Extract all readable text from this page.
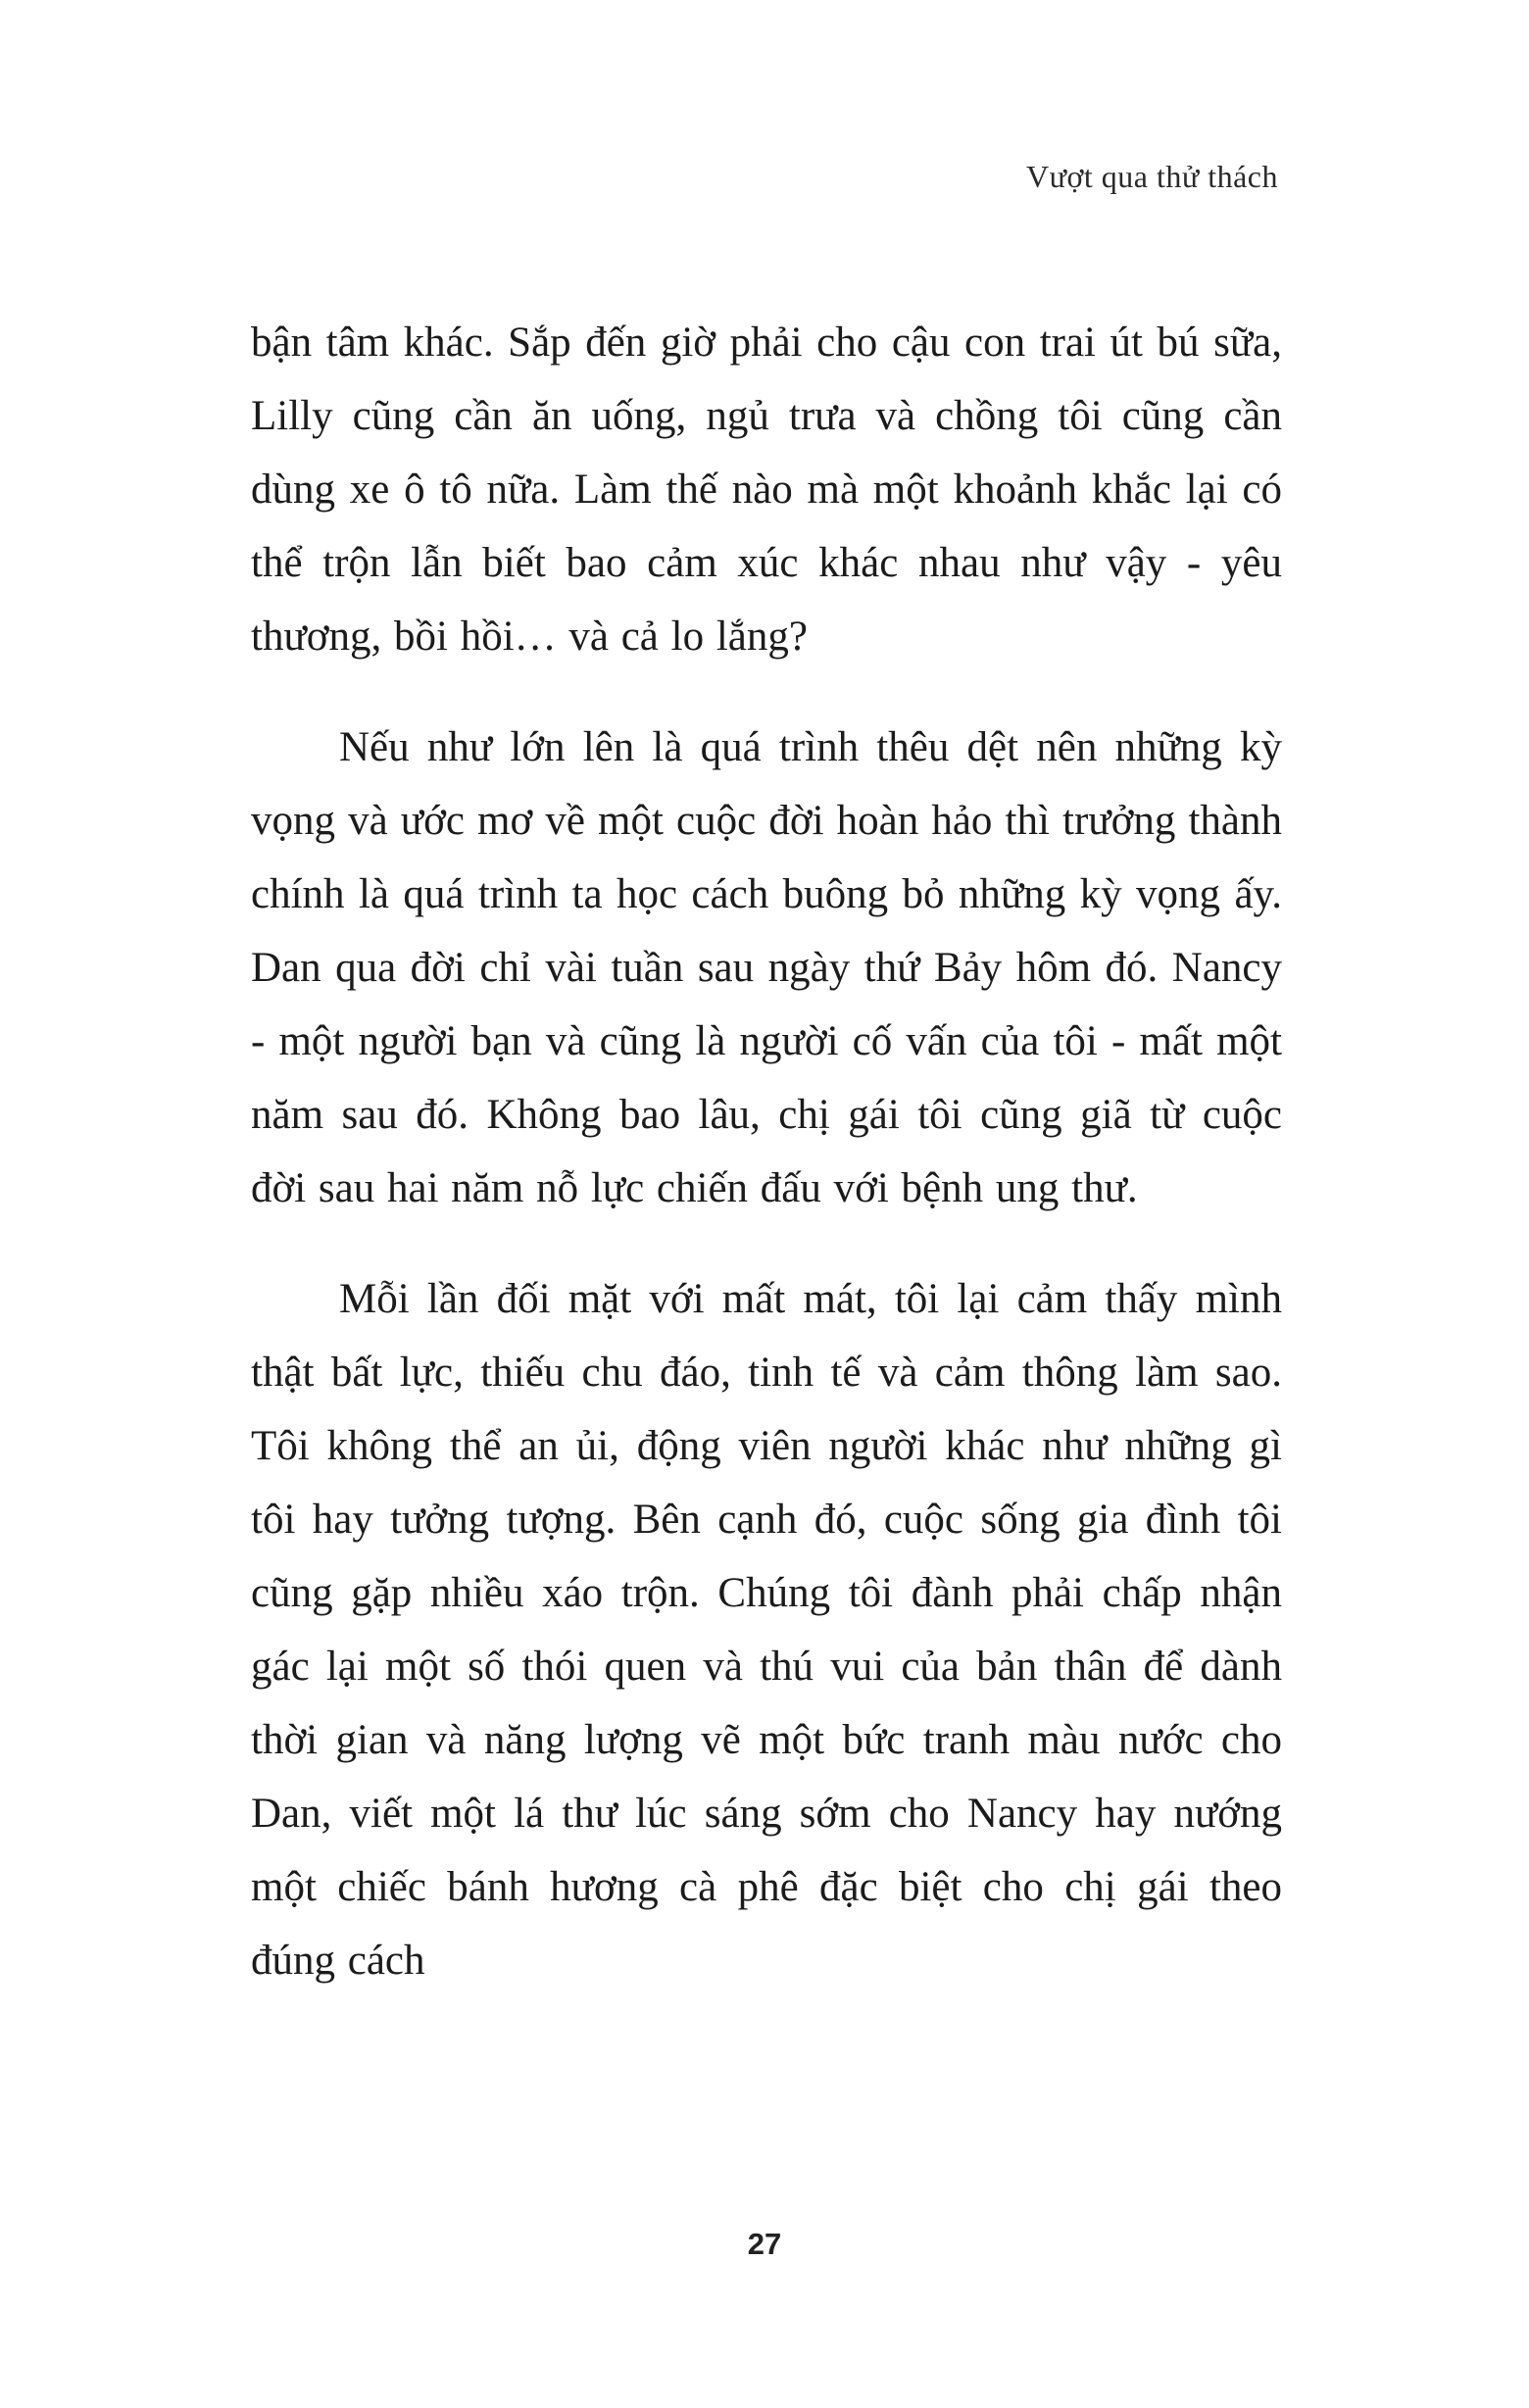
Vượt qua thử thách

bận tâm khác. Sắp đến giờ phải cho cậu con trai út bú sữa, Lilly cũng cần ăn uống, ngủ trưa và chồng tôi cũng cần dùng xe ô tô nữa. Làm thế nào mà một khoảnh khắc lại có thể trộn lẫn biết bao cảm xúc khác nhau như vậy - yêu thương, bồi hồi… và cả lo lắng?

Nếu như lớn lên là quá trình thêu dệt nên những kỳ vọng và ước mơ về một cuộc đời hoàn hảo thì trưởng thành chính là quá trình ta học cách buông bỏ những kỳ vọng ấy. Dan qua đời chỉ vài tuần sau ngày thứ Bảy hôm đó. Nancy - một người bạn và cũng là người cố vấn của tôi - mất một năm sau đó. Không bao lâu, chị gái tôi cũng giã từ cuộc đời sau hai năm nỗ lực chiến đấu với bệnh ung thư.

Mỗi lần đối mặt với mất mát, tôi lại cảm thấy mình thật bất lực, thiếu chu đáo, tinh tế và cảm thông làm sao. Tôi không thể an ủi, động viên người khác như những gì tôi hay tưởng tượng. Bên cạnh đó, cuộc sống gia đình tôi cũng gặp nhiều xáo trộn. Chúng tôi đành phải chấp nhận gác lại một số thói quen và thú vui của bản thân để dành thời gian và năng lượng vẽ một bức tranh màu nước cho Dan, viết một lá thư lúc sáng sớm cho Nancy hay nướng một chiếc bánh hương cà phê đặc biệt cho chị gái theo đúng cách

27
